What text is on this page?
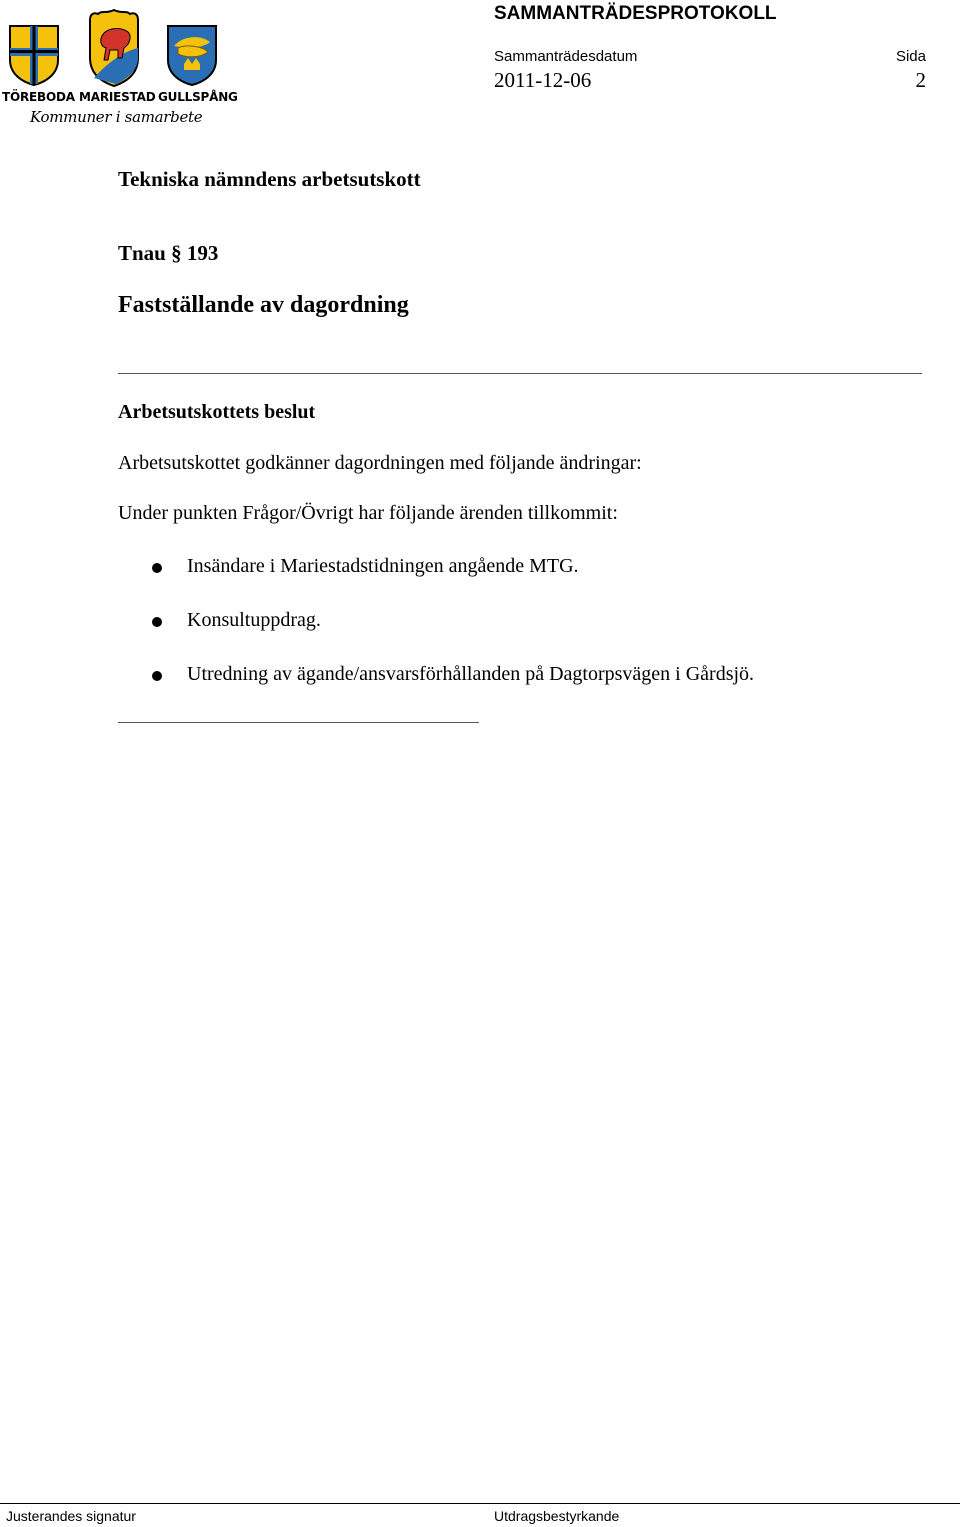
TÖREBODA MARIESTAD GULLSPÅNG
Kommuner i samarbete
SAMMANTRÄDESPROTOKOLL
Sammanträdesdatum
2011-12-06
Sida
2
Tekniska nämndens arbetsutskott
Tnau § 193
Fastställande av dagordning
Arbetsutskottets beslut
Arbetsutskottet godkänner dagordningen med följande ändringar:
Under punkten Frågor/Övrigt har följande ärenden tillkommit:
Insändare i Mariestadstidningen angående MTG.
Konsultuppdrag.
Utredning av ägande/ansvarsförhållanden på Dagtorpsvägen i Gårdsjö.
Justerandes signatur	Utdragsbestyrkande
